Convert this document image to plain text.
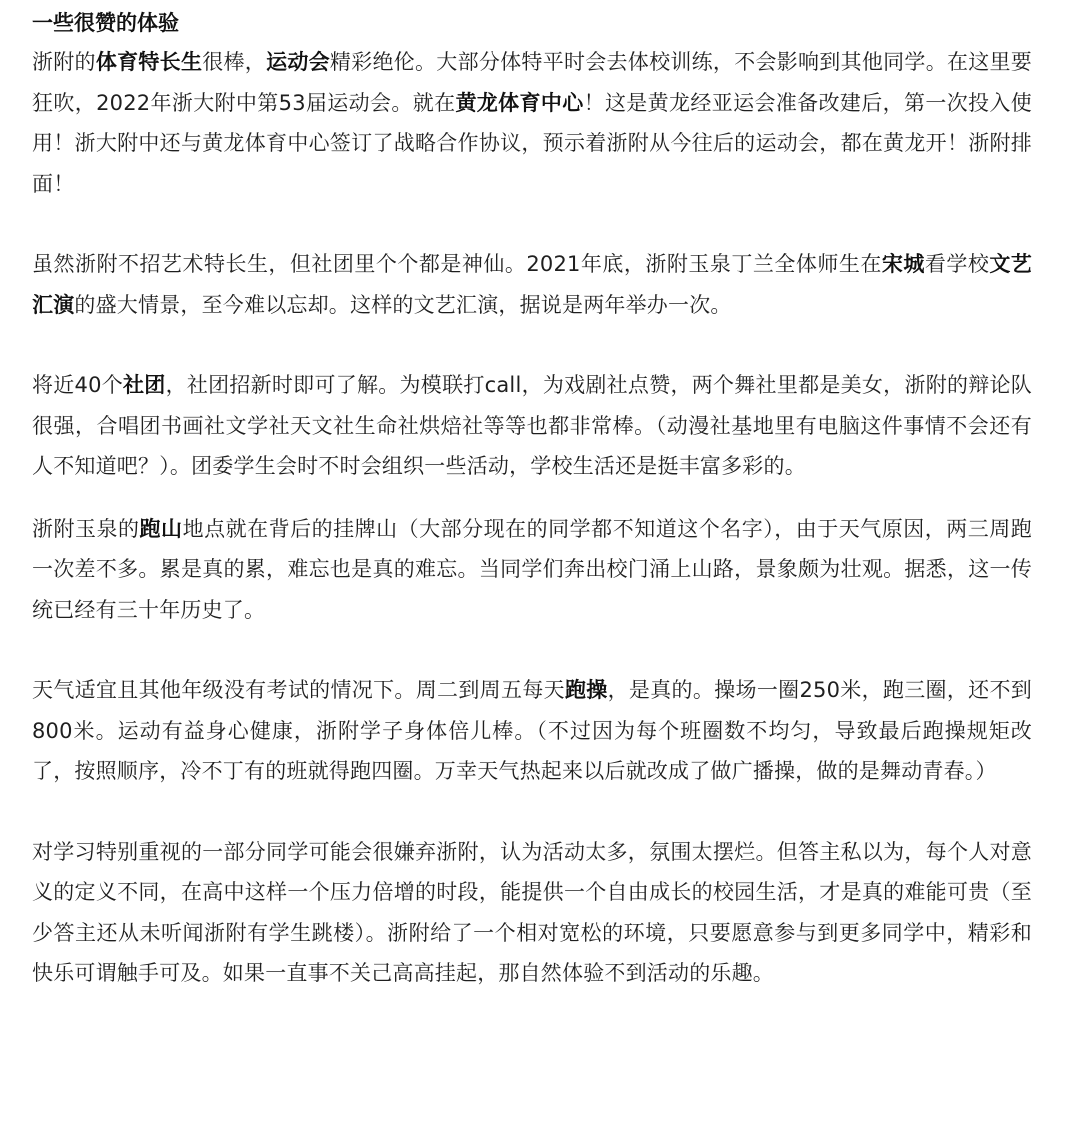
一些很赞的体验

浙附的体育特长生很棒，运动会精彩绝伦。大部分体特平时会去体校训练，不会影响到其他同学。在这里要狂吹，2022年浙大附中第53届运动会。就在黄龙体育中心！这是黄龙经亚运会准备改建后，第一次投入使用！浙大附中还与黄龙体育中心签订了战略合作协议，预示着浙附从今往后的运动会，都在黄龙开！浙附排面！

虽然浙附不招艺术特长生，但社团里个个都是神仙。2021年底，浙附玉泉丁兰全体师生在宋城看学校文艺汇演的盛大情景，至今难以忘却。这样的文艺汇演，据说是两年举办一次。

将近40个社团，社团招新时即可了解。为模联打call，为戏剧社点赞，两个舞社里都是美女，浙附的辩论队很强，合唱团书画社文学社天文社生命社烘焙社等等也都非常棒。（动漫社基地里有电脑这件事情不会还有人不知道吧？）。团委学生会时不时会组织一些活动，学校生活还是挺丰富多彩的。

浙附玉泉的跑山地点就在背后的挂牌山（大部分现在的同学都不知道这个名字），由于天气原因，两三周跑一次差不多。累是真的累，难忘也是真的难忘。当同学们奔出校门涌上山路，景象颇为壮观。据悉，这一传统已经有三十年历史了。

天气适宜且其他年级没有考试的情况下。周二到周五每天跑操，是真的。操场一圈250米，跑三圈，还不到800米。运动有益身心健康，浙附学子身体倍儿棒。（不过因为每个班圈数不均匀，导致最后跑操规矩改了，按照顺序，冷不丁有的班就得跑四圈。万幸天气热起来以后就改成了做广播操，做的是舞动青春。）

对学习特别重视的一部分同学可能会很嫌弃浙附，认为活动太多，氛围太摆烂。但答主私以为，每个人对意义的定义不同，在高中这样一个压力倍增的时段，能提供一个自由成长的校园生活，才是真的难能可贵（至少答主还从未听闻浙附有学生跳楼）。浙附给了一个相对宽松的环境，只要愿意参与到更多同学中，精彩和快乐可谓触手可及。如果一直事不关己高高挂起，那自然体验不到活动的乐趣。
